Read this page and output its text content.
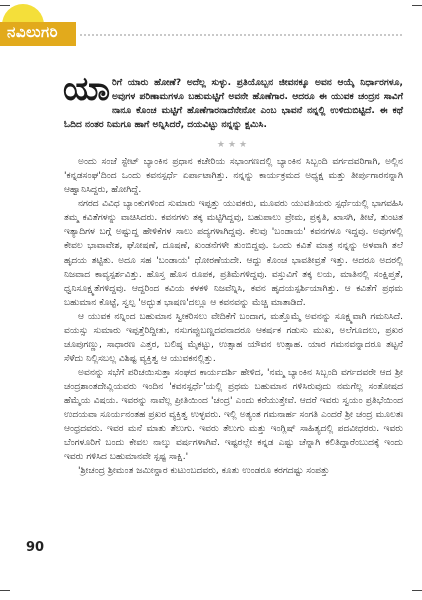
ನವಿಲುಗರಿ
ಯಾ ರಿಗೆ ಯಾರು ಹೋಣೆ? ಅದೆಲ್ಲ ಸುಳ್ಳು. ಪ್ರತಿಯೊಬ್ಬನ ಜೀವನಕ್ಕೂ ಅವನ ಆಯ್ಕೆ ನಿರ್ಧಾರಗಳೂ, ಅವುಗಳ ಪರಿಣಾಮಗಳೂ ಬಹುಮಟ್ಟಿಗೆ ಅವನೇ ಹೊಣೆಗಾರ. ಆದರೂ ಈ ಯುವಕ ಚಂದ್ರನ ಸಾವಿಗೆ ನಾನೂ ಕೊಂಚ ಮಟ್ಟಿಗೆ ಹೊಣೆಗಾರನಾದೆನೇನೋ ಎಂಬ ಭಾವನೆ ನನ್ನಲ್ಲಿ ಉಳಿದುಬಿಟ್ಟಿದೆ. ಈ ಕಥೆ ಓದಿದ ನಂತರ ನಿಮಗೂ ಹಾಗೆ ಅನ್ನಿಸಿದರೆ, ದಯವಿಟ್ಟು ನನ್ನನ್ನು ಕ್ಷಮಿಸಿ.
★★★

ಅಂದು ಸಂಜೆ ಸ್ಟೇಟ್ ಬ್ಯಾಂಕಿನ ಪ್ರಧಾನ ಕಚೇರಿಯ ಸಭಾಂಗಣದಲ್ಲಿ ಬ್ಯಾಂಕಿನ ಸಿಬ್ಬಂದಿ ವರ್ಗದವರಿಗಾಗಿ, ಅಲ್ಲಿನ 'ಕನ್ನಡಸಂಘ'ದಿಂದ ಒಂದು ಕವನಸ್ಪರ್ಧೆ ಏರ್ಪಾಟಾಗಿತ್ತು. ನನ್ನನ್ನು ಕಾರ್ಯಕ್ರಮದ ಅಧ್ಯಕ್ಷ ಮತ್ತು ತೀರ್ಪುಗಾರನನ್ನಾಗಿ ಆಹ್ವಾನಿಸಿದ್ದರು, ಹೋಗಿದ್ದೆ.

ನಗರದ ವಿವಿಧ ಬ್ಯಾಂಕುಗಳಿಂದ ಸುಮಾರು ಇಪ್ಪತ್ತು ಯುವಕರು, ಮೂವರು ಯುವತಿಯರು ಸ್ಪರ್ಧೆಯಲ್ಲಿ ಭಾಗವಹಿಸಿ ತಮ್ಮ ಕವಿತೆಗಳನ್ನು ವಾಚಿಸಿದರು. ಕವನಗಳು ತಕ್ಕ ಮಟ್ಟಿಗಿದ್ದವು, ಬಹುಪಾಲು ಪ್ರೇಮ, ಪ್ರಕೃತಿ, ಖಾಸಗಿ, ತೀಟೆ, ತುಂಟತ ಇತ್ಯಾದಿಗಳ ಬಗ್ಗೆ ಅಷ್ಟುದ್ದ ಹೇಳಿಕೆಗಳ ಸಾಲು ಪದ್ಯಗಳಾಗಿದ್ದವು. ಕೆಲವು 'ಬಂಡಾಯ' ಕವನಗಳೂ ಇದ್ದವು. ಅವುಗಳಲ್ಲಿ ಕೇವಲ ಭಾವಾವೇಶ, ಘೋಷಣೆ, ದೂಷಣೆ, ಖಂಡನೆಗಳೇ ತುಂಬಿದ್ದವು. ಒಂದು ಕವಿತೆ ಮಾತ್ರ ನನ್ನನ್ನು ಅಳವಾಗಿ ತಲೆ ಹೃದಯ ತಟ್ಟಿತು. ಅದೂ ಸಹ 'ಬಂಡಾಯ' ಧೋರಣೆಯದೇ. ಆದ್ದು ಕೊಂಚ ಭಾವತೀವ್ರತೆ ಇತ್ತು. ಆದರೂ ಅದರಲ್ಲಿ ನಿಜವಾದ ಕಾವ್ಯಸ್ಪರ್ಶವಿತ್ತು. ಹೊಸ್ತ ಹೊಸ ರೂಪಕ, ಪ್ರತಿಮೆಗಳಿದ್ದವು. ವಸ್ತುವಿಗೆ ತಕ್ಕ ಲಯ, ಮಾತಿನಲ್ಲಿ ಸಂಕ್ಷಿಪ್ತತೆ, ಧ್ವನಿಸೂಕ್ಷ್ಮತೆಗಳಿದ್ದವು. ಆದ್ದರಿಂದ ಕವಿಯ ಕಳಕಳಿ ನಿಜವೆನ್ನಿಸಿ, ಕವನ ಹೃದಯಸ್ಪರ್ಶಿಯಾಗಿತ್ತು. ಆ ಕವಿತೆಗೆ ಪ್ರಥಮ ಬಹುಮಾನ ಕೊಟ್ಟೆ, ಸ್ವಲ್ಪ 'ಅದ್ಭುತ ಭಾಷಣ'ದಲ್ಲೂ ಆ ಕವನವನ್ನು ಮೆಚ್ಚಿ ಮಾತಾಡಿದೆ.

ಆ ಯುವಕ ನನ್ನಿಂದ ಬಹುಮಾನ ಸ್ವೀಕರಿಸಲು ವೇದಿಕೆಗೆ ಬಂದಾಗ, ಮತ್ತೊಮ್ಮೆ ಅವನನ್ನು ಸೂಕ್ಷ್ಮವಾಗಿ ಗಮನಿಸಿದೆ. ವಯಸ್ಸು ಸುಮಾರು ಇಪ್ಪತ್ತೆರಿದ್ದೀತು, ನಸುಗಪ್ಪುಬಣ್ಣದವನಾದರೂ ಆಕರ್ಷಕ ಗಡುಸು ಮುಖ, ಅಲೆಗೂದಲು, ಪ್ರಖರ ಚೂಪುಗಣ್ಣು, ಸಾಧಾರಣ ಎತ್ತರ, ಬಲಿಷ್ಠ ಮೈಕಟ್ಟು, ಉತ್ಸಾಹ ಯೌವನ ಉತ್ಸಾಹ. ಯಾರ ಗಮನವನ್ನಾದರೂ ತಟ್ಟನೆ ಸೆಳೆದು ನಿಲ್ಲಿಸಬಲ್ಲ ವಿಶಿಷ್ಟ ವ್ಯಕ್ತಿತ್ವ ಆ ಯುವಕನಲ್ಲಿತ್ತು.

ಅವನನ್ನು ಸಭೆಗೆ ಪರಿಚಯಿಸುತ್ತಾ ಸಂಘದ ಕಾರ್ಯದರ್ಶಿ ಹೇಳಿದ, 'ನಮ್ಮ ಬ್ಯಾಂಕಿನ ಸಿಬ್ಬಂದಿ ವರ್ಗದವರೇ ಆದ ಶ್ರೀ ಚಂದ್ರಶಾಂತದೇವ್ಲಿಯವರು ಇಂದಿನ 'ಕವನಸ್ಪರ್ಧೆ'ಯಲ್ಲಿ ಪ್ರಥಮ ಬಹುಮಾನ ಗಳಿಸಿರುವುದು ನಮಗೆಲ್ಲ ಸಂತೋಷದ ಹೆಮ್ಮೆಯ ವಿಷಯ. ಇವರನ್ನು ನಾವೆಲ್ಲ ಪ್ರೀತಿಯಿಂದ 'ಚಂದ್ರ' ಎಂದು ಕರೆಯುತ್ತೇವೆ. ಆದರೆ ಇವರು ಸ್ವಯಂ ಪ್ರತಿಭೆಯಿಂದ ಉದಯವಾ ಸೂರ್ಯನಂತಹ ಪ್ರಖರ ವ್ಯಕ್ತಿತ್ವ ಉಳ್ಳವರು. ಇಲ್ಲಿ ಅತ್ಯಂತ ಗಮನಾರ್ಹ ಸಂಗತಿ ಎಂದರೆ ಶ್ರೀ ಚಂದ್ರ ಮೂಲತಃ ಆಂಧ್ರದವರು. ಇವರ ಮನೆ ಮಾತು ತೆಲುಗು. ಇವರು ತೆಲುಗು ಮತ್ತು ಇಂಗ್ಲಿಷ್ ಸಾಹಿತ್ಯದಲ್ಲಿ ಪದವೀಧರರು. ಇವರು ಬೆಂಗಳೂರಿಗೆ ಬಂದು ಕೇವಲ ನಾಲ್ಕು ವರ್ಷಗಳಾಗಿವೆ. ಇಷ್ಟರಲ್ಲೇ ಕನ್ನಡ ಎಷ್ಟು ಚೆನ್ನಾಗಿ ಕಲಿತಿದ್ದಾರೆಂಬುದಕ್ಕೆ ಇಂದು ಇವರು ಗಳಿಸಿದ ಬಹುಮಾನವೇ ಸ್ಪಷ್ಟ ಸಾಕ್ಷಿ.'

'ಶ್ರೀಚಂದ್ರ ಶ್ರೀಮಂತ ಜಮೀನ್ದಾರ ಕುಟುಂಬದವರು, ಕೂತು ಉಂಡರೂ ಕರಗದಷ್ಟು ಸಂಪತ್ತು

90
